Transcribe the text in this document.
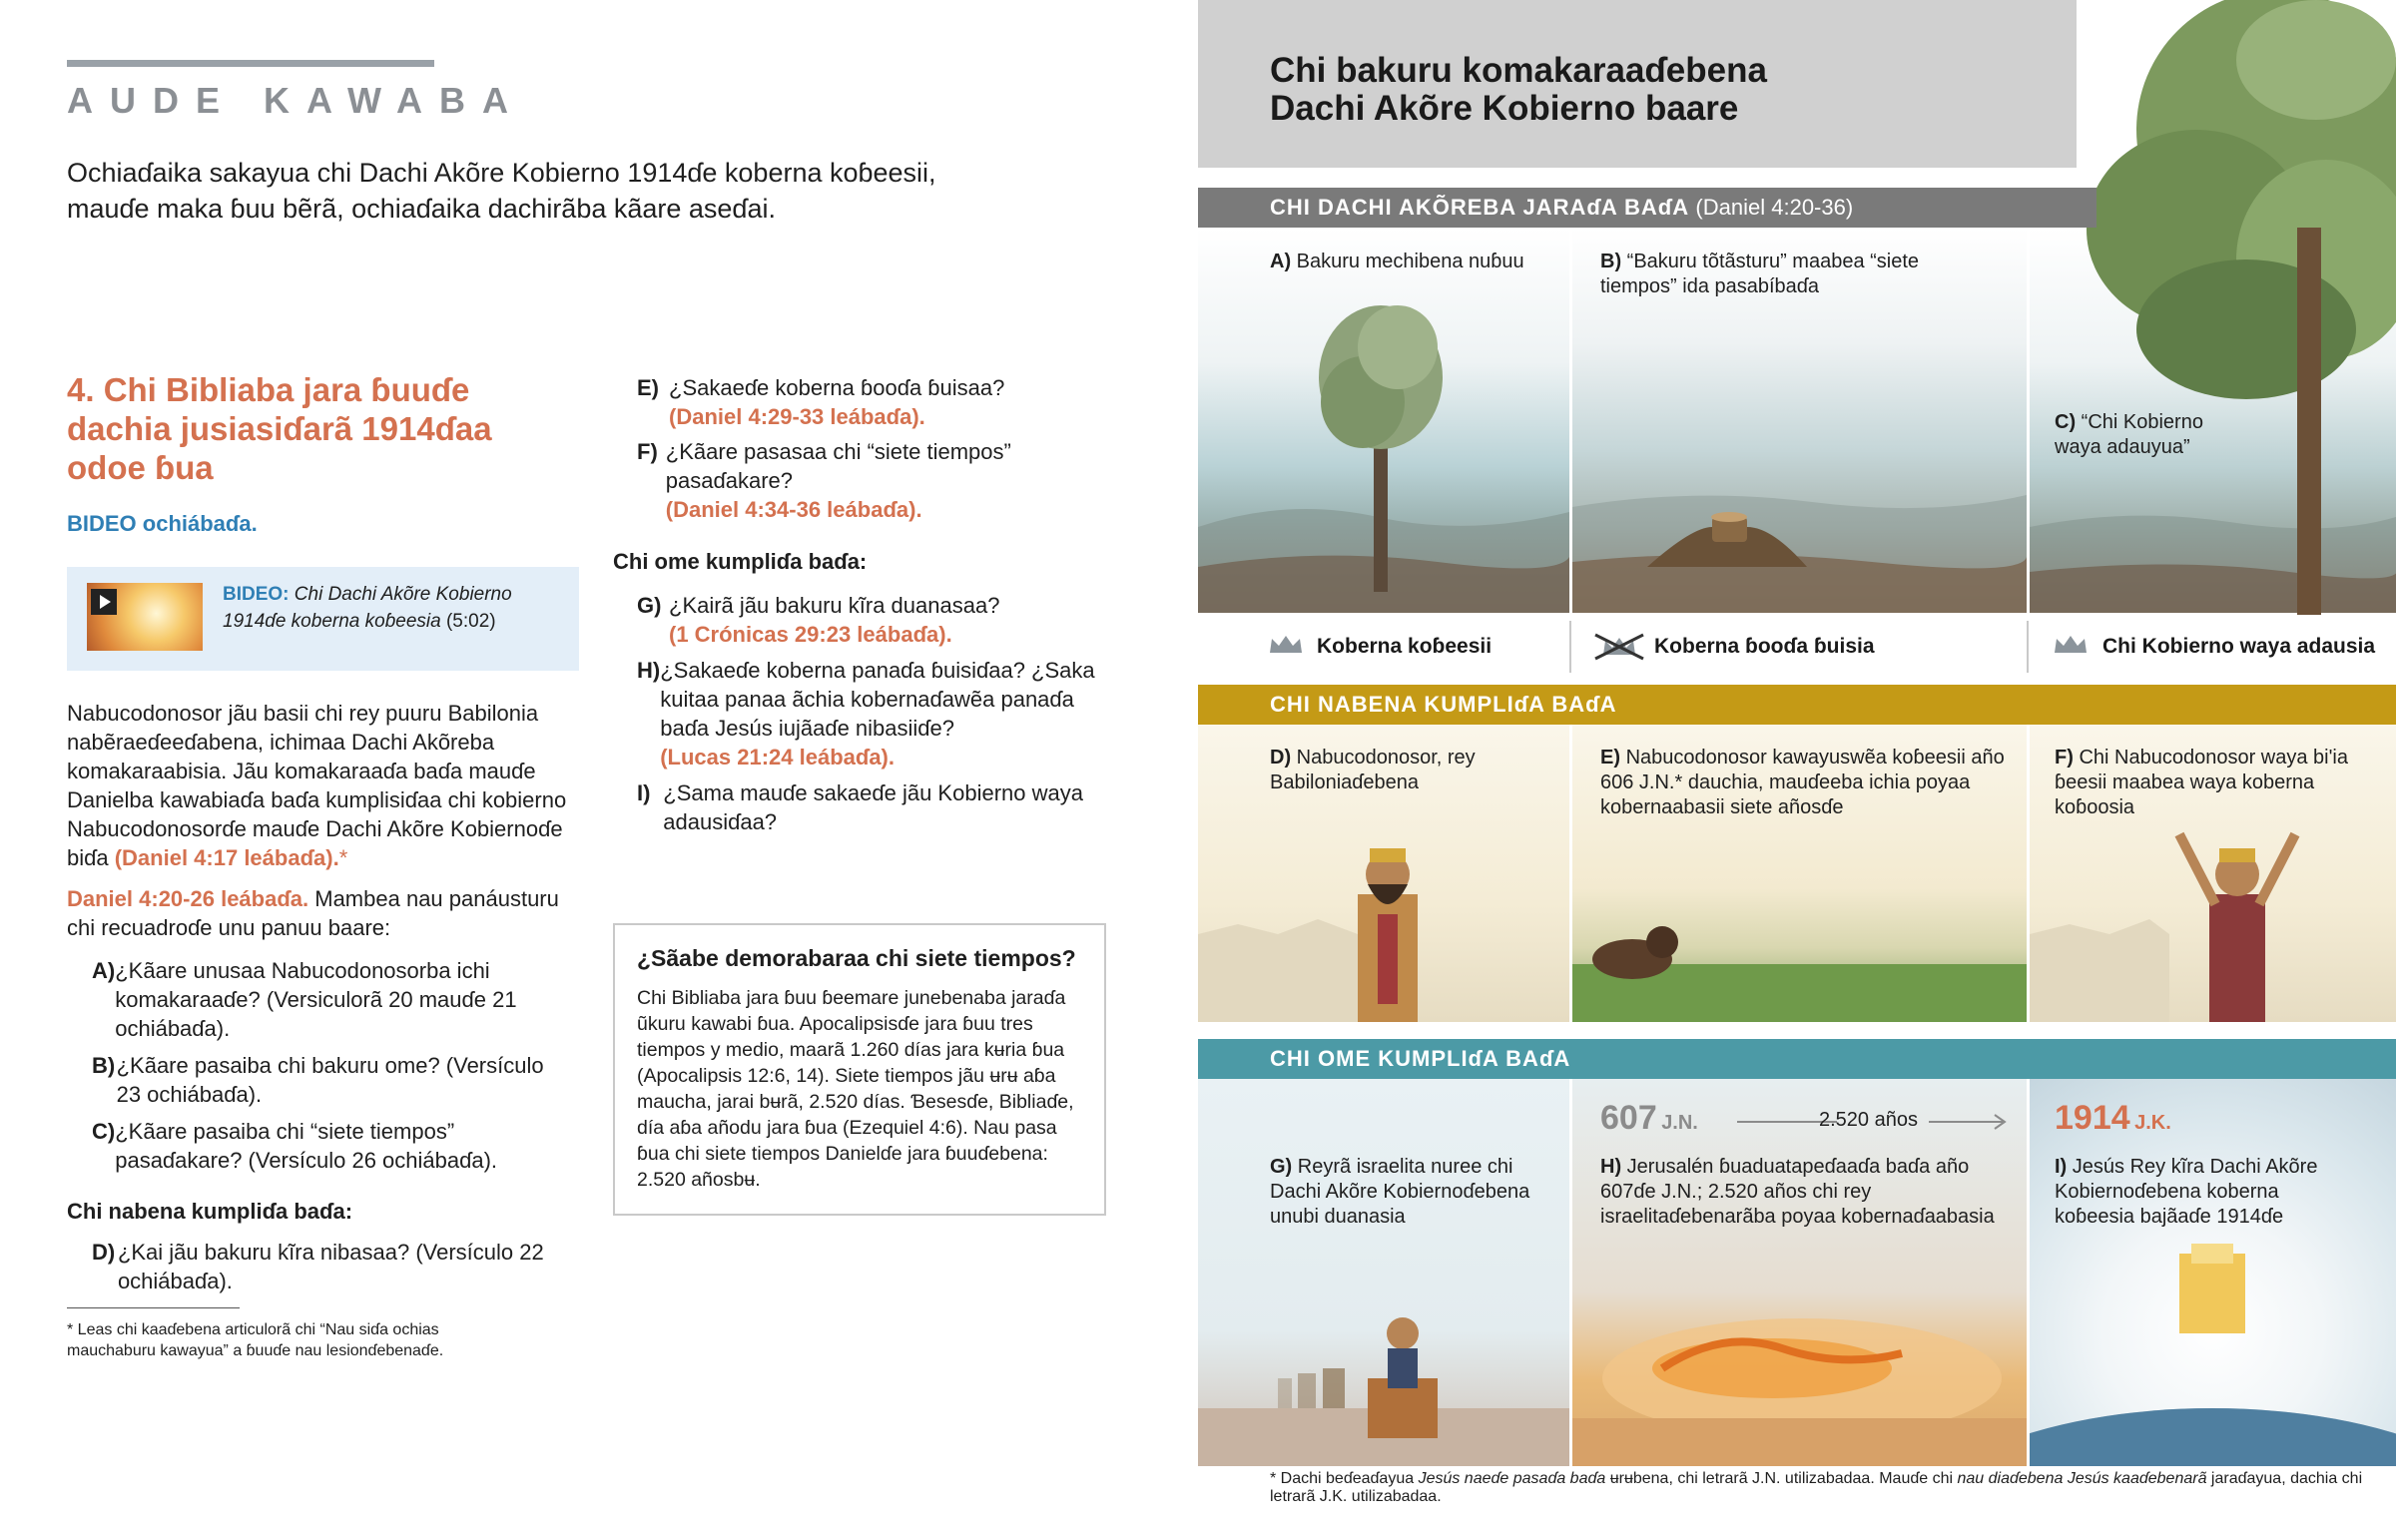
AUDE KAWABA
Ochiaɗaika sakayua chi Dachi Akõre Kobierno 1914ɗe koberna koɓeesii, mauɗe maka ɓuu bẽrã, ochiaɗaika dachirãba kãare aseɗai.
4. Chi Bibliaba jara ɓuuɗe dachia jusiasiɗarã 1914ɗaa odoe ɓua
BIDEO ochiábaɗa.
BIDEO: Chi Dachi Akõre Kobierno 1914ɗe koberna koɓeesia (5:02)
Nabucodonosor jãu basii chi rey puuru Babilonia nabẽraeɗeeɗabena, ichimaa Dachi Akõreba komakaraabisia. Jãu komakaraaɗa baɗa mauɗe Danielba kawabiaɗa baɗa kumplisiɗaa chi kobierno Nabucodonosorɗe mauɗe Dachi Akõre Kobiernoɗe biɗa (Daniel 4:17 leábaɗa).*
Daniel 4:20-26 leábaɗa. Mambea nau panáusturu chi recuadroɗe unu panuu baare:
A) ¿Kãare unusaa Nabucodonosorba ichi komakaraaɗe? (Versiculorã 20 mauɗe 21 ochiábaɗa).
B) ¿Kãare pasaiba chi bakuru ome? (Versículo 23 ochiábaɗa).
C) ¿Kãare pasaiba chi “siete tiempos” pasaɗakare? (Versículo 26 ochiábaɗa).
Chi nabena kumpliɗa baɗa:
D) ¿Kai jãu bakuru kĩra nibasaa? (Versículo 22 ochiábaɗa).
* Leas chi kaaɗebena articulorã chi “Nau siɗa ochias mauchaburu kawayua” a ɓuuɗe nau lesionɗebenaɗe.
E) ¿Sakaeɗe koberna ɓooɗa ɓuisaa?
(Daniel 4:29-33 leábaɗa).
F) ¿Kãare pasasaa chi “siete tiempos” pasaɗakare?
(Daniel 4:34-36 leábaɗa).
Chi ome kumpliɗa baɗa:
G) ¿Kairã jãu bakuru kĩra duanasaa?
(1 Crónicas 29:23 leábaɗa).
H) ¿Sakaeɗe koberna panaɗa ɓuisiɗaa? ¿Saka kuitaa panaa ãchia kobernaɗawẽa panaɗa baɗa Jesús iujãaɗe nibasiiɗe?
(Lucas 21:24 leábaɗa).
I) ¿Sama mauɗe sakaeɗe jãu Kobierno waya adausiɗaa?
¿Sãabe demorabaraa chi siete tiempos?
Chi Bibliaba jara ɓuu ɓeemare junebenaba jaraɗa ũkuru kawabi ɓua. Apocalipsisɗe jara ɓuu tres tiempos y medio, maarã 1.260 días jara kʉria ɓua (Apocalipsis 12:6, 14). Siete tiempos jãu ʉrʉ aɓa maucha, jarai bʉrã, 2.520 días. Ɓesesɗe, Bibliaɗe, día aɓa añodu jara ɓua (Ezequiel 4:6). Nau pasa ɓua chi siete tiempos Danielɗe jara ɓuuɗebena: 2.520 añosbʉ.
Chi bakuru komakaraaɗebena
Dachi Akõre Kobierno baare
CHI DACHI AKÕREBA JARAɗA BAɗA (Daniel 4:20-36)
A) Bakuru mechibena nuɓuu	B) “Bakuru tõtãsturu” maabea “siete tiempos” ida pasabíbaɗa
C) “Chi Kobierno waya adauyua”
Koberna koɓeesii	Koberna ɓooɗa ɓuisia	Chi Kobierno waya adausia
CHI NABENA KUMPLIɗA BAɗA
D) Nabucodonosor, rey Babiloniaɗebena
E) Nabucodonosor kawayuswẽa koɓeesii año 606 J.N.* dauchia, mauɗeeba ichia poyaa kobernaabasii siete añosɗe
F) Chi Nabucodonosor waya bi'ia ɓeesii maabea waya koberna koɓoosia
CHI OME KUMPLIɗA BAɗA
G) Reyrã israelita nuree chi Dachi Akõre Kobiernoɗebena unubi duanasia
607 J.N.	2.520 años
H) Jerusalén ɓuaduatapeɗaaɗa baɗa año 607ɗe J.N.; 2.520 años chi rey israelitaɗebenarãba poyaa kobernaɗaabasia
1914 J.K.
I) Jesús Rey kĩra Dachi Akõre Kobiernoɗebena koberna koɓeesia bajãaɗe 1914ɗe
* Dachi beɗeaɗayua Jesús naeɗe pasaɗa baɗa ʉrʉbena, chi letrarã J.N. utilizabadaa. Mauɗe chi nau diaɗebena Jesús kaaɗebenarã jaraɗayua, dachia chi letrarã J.K. utilizabadaa.
